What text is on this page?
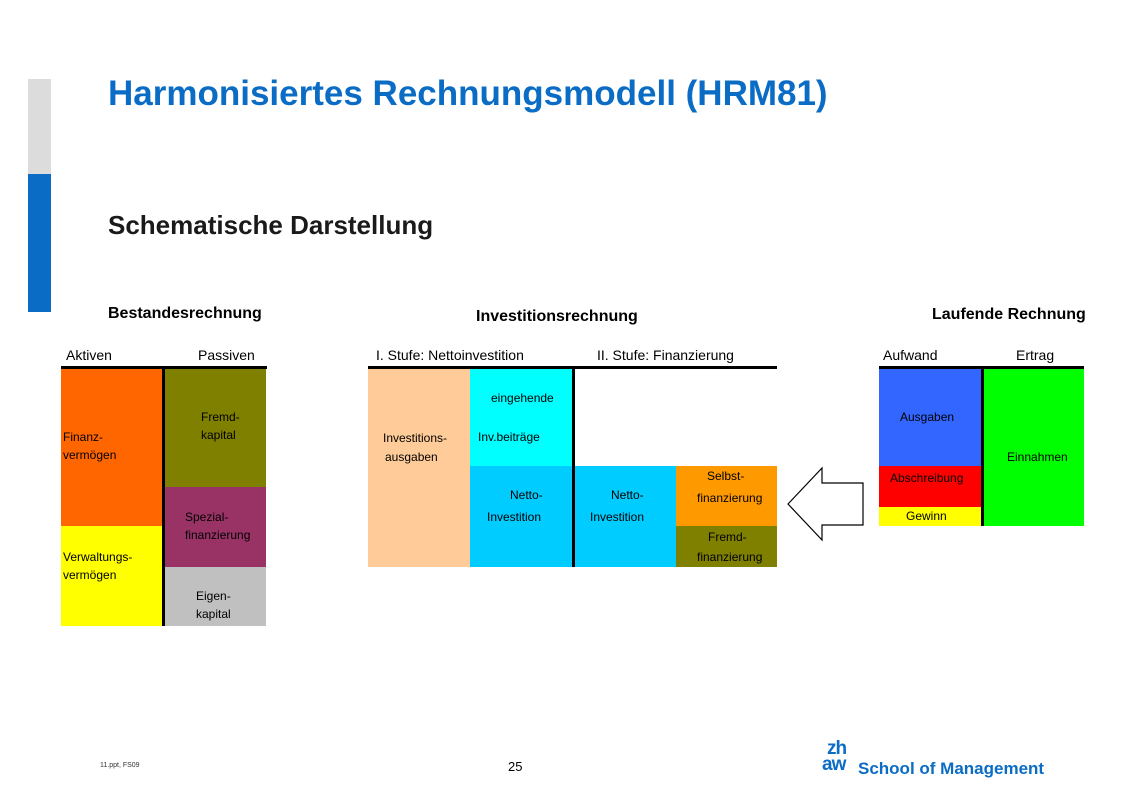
Harmonisiertes Rechnungsmodell (HRM81)
Schematische Darstellung
Bestandesrechnung
Aktiven	Passiven
Finanz-
vermögen
Verwaltungs-
vermögen
Fremd-
kapital
Spezial-
finanzierung
Eigen-
kapital
Investitionsrechnung
I. Stufe: Nettoinvestition	II. Stufe: Finanzierung
Investitions-
ausgaben
eingehende
Inv.beiträge
Netto-
Investition
Netto-
Investition
Selbst-
finanzierung
Fremd-
finanzierung
Laufende Rechnung
Aufwand	Ertrag
Ausgaben
Abschreibung
Gewinn
Einnahmen
11.ppt, FS09	25
zh
aw School of Management
